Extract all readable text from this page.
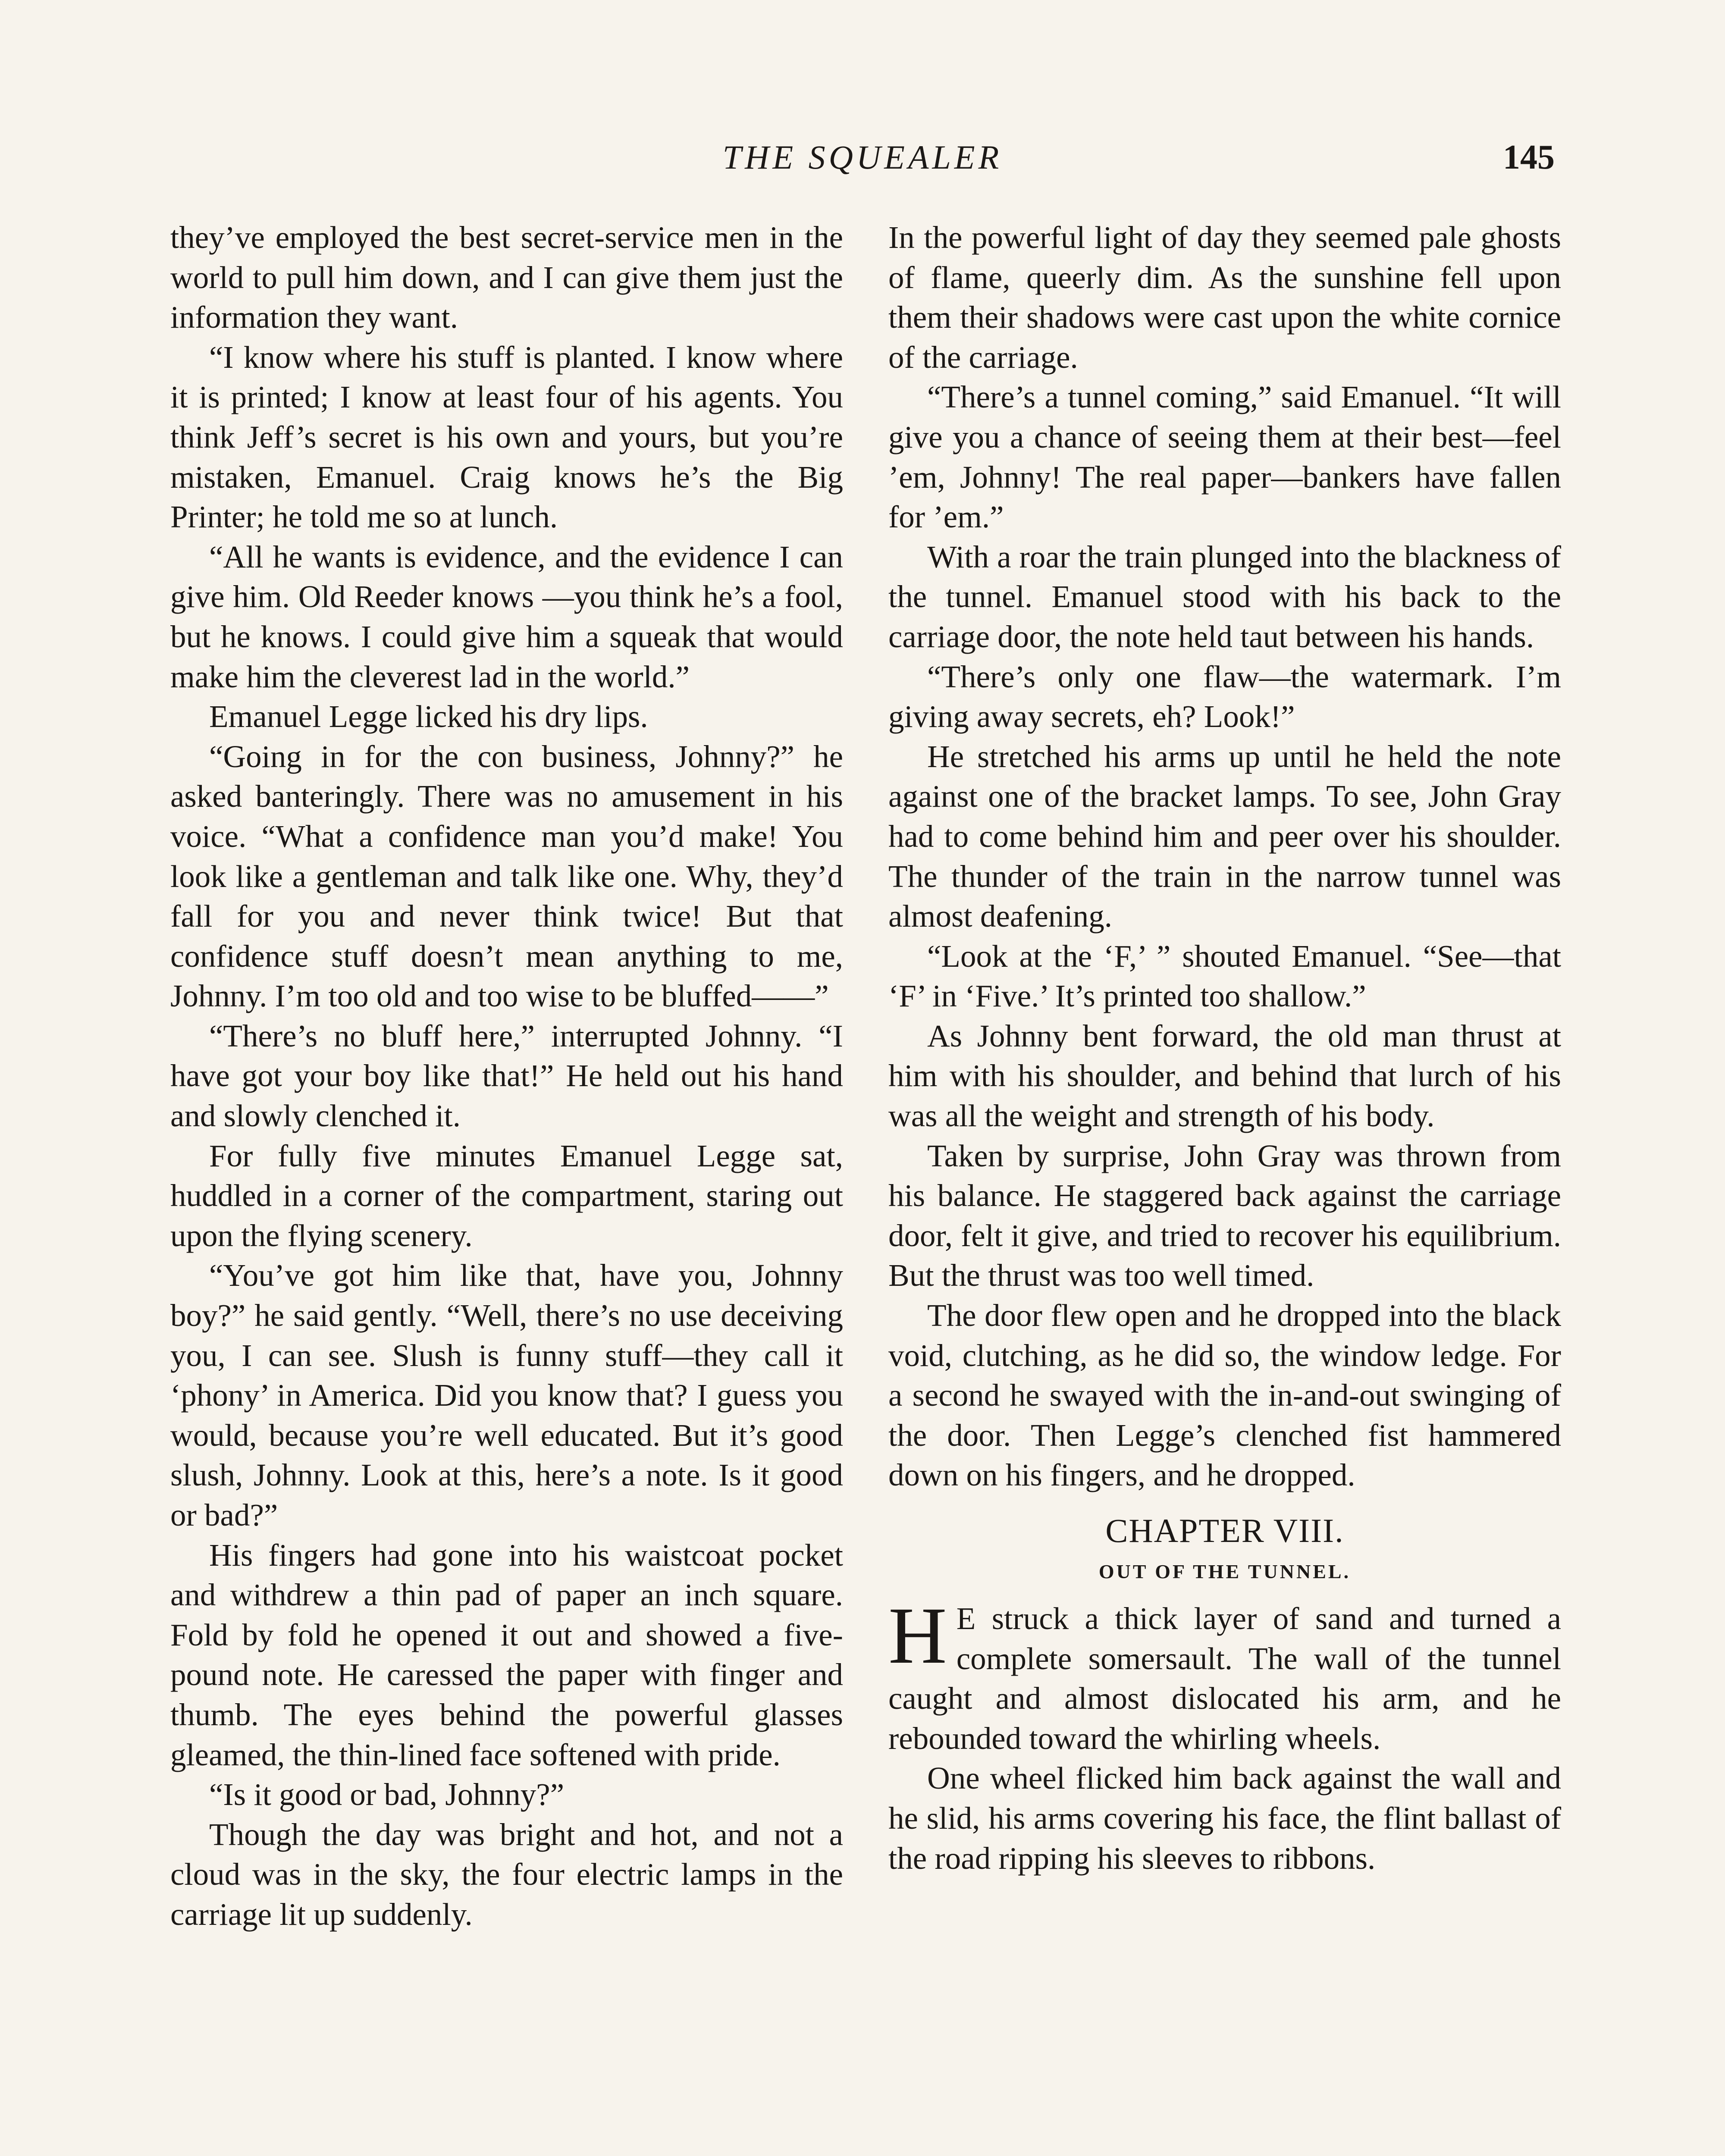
THE SQUEALER	145

they’ve employed the best secret-service men in the world to pull him down, and I can give them just the information they want.

“I know where his stuff is planted. I know where it is printed; I know at least four of his agents. You think Jeff’s secret is his own and yours, but you’re mistaken, Emanuel. Craig knows he’s the Big Printer; he told me so at lunch.

“All he wants is evidence, and the evidence I can give him. Old Reeder knows —you think he’s a fool, but he knows. I could give him a squeak that would make him the cleverest lad in the world.”

Emanuel Legge licked his dry lips.

“Going in for the con business, Johnny?” he asked banteringly. There was no amusement in his voice. “What a confidence man you’d make! You look like a gentleman and talk like one. Why, they’d fall for you and never think twice! But that confidence stuff doesn’t mean anything to me, Johnny. I’m too old and too wise to be bluffed——”

“There’s no bluff here,” interrupted Johnny. “I have got your boy like that!” He held out his hand and slowly clenched it.

For fully five minutes Emanuel Legge sat, huddled in a corner of the compartment, staring out upon the flying scenery.

“You’ve got him like that, have you, Johnny boy?” he said gently. “Well, there’s no use deceiving you, I can see. Slush is funny stuff—they call it ‘phony’ in America. Did you know that? I guess you would, because you’re well educated. But it’s good slush, Johnny. Look at this, here’s a note. Is it good or bad?”

His fingers had gone into his waistcoat pocket and withdrew a thin pad of paper an inch square. Fold by fold he opened it out and showed a five-pound note. He caressed the paper with finger and thumb. The eyes behind the powerful glasses gleamed, the thin-lined face softened with pride.

“Is it good or bad, Johnny?”

Though the day was bright and hot, and not a cloud was in the sky, the four electric lamps in the carriage lit up suddenly.

In the powerful light of day they seemed pale ghosts of flame, queerly dim. As the sunshine fell upon them their shadows were cast upon the white cornice of the carriage.

“There’s a tunnel coming,” said Emanuel. “It will give you a chance of seeing them at their best—feel ’em, Johnny! The real paper—bankers have fallen for ’em.”

With a roar the train plunged into the blackness of the tunnel. Emanuel stood with his back to the carriage door, the note held taut between his hands.

“There’s only one flaw—the watermark. I’m giving away secrets, eh? Look!”

He stretched his arms up until he held the note against one of the bracket lamps. To see, John Gray had to come behind him and peer over his shoulder. The thunder of the train in the narrow tunnel was almost deafening.

“Look at the ‘F,’ ” shouted Emanuel. “See—that ‘F’ in ‘Five.’ It’s printed too shallow.”

As Johnny bent forward, the old man thrust at him with his shoulder, and behind that lurch of his was all the weight and strength of his body.

Taken by surprise, John Gray was thrown from his balance. He staggered back against the carriage door, felt it give, and tried to recover his equilibrium. But the thrust was too well timed.

The door flew open and he dropped into the black void, clutching, as he did so, the window ledge. For a second he swayed with the in-and-out swinging of the door. Then Legge’s clenched fist hammered down on his fingers, and he dropped.

CHAPTER VIII.
OUT OF THE TUNNEL.

H E struck a thick layer of sand and turned a complete somersault. The wall of the tunnel caught and almost dislocated his arm, and he rebounded toward the whirling wheels.

One wheel flicked him back against the wall and he slid, his arms covering his face, the flint ballast of the road ripping his sleeves to ribbons.
